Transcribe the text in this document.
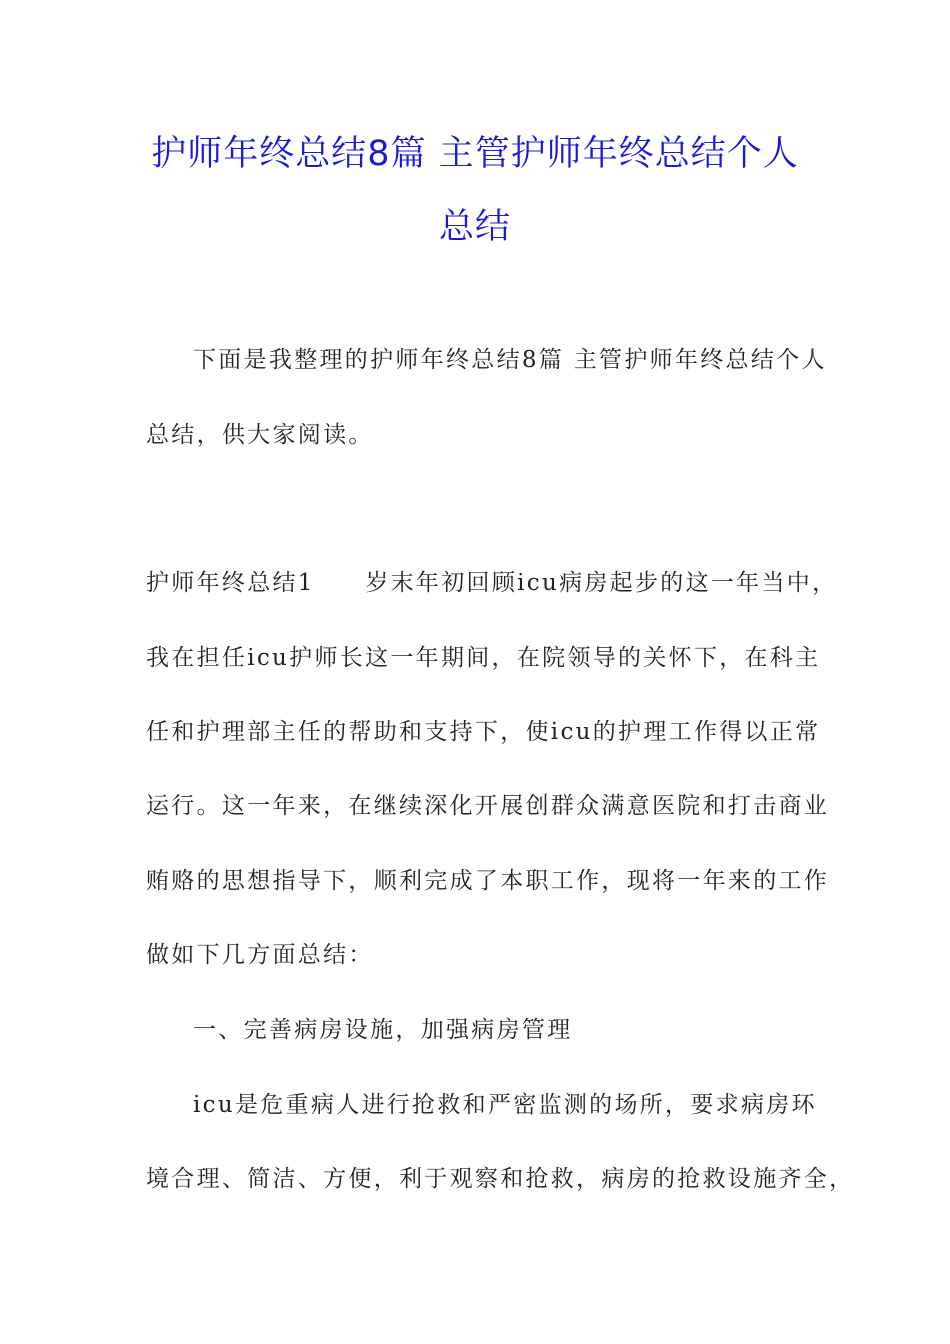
护师年终总结8篇 主管护师年终总结个人
总结

下面是我整理的护师年终总结8篇 主管护师年终总结个人

总结，供大家阅读。

护师年终总结1　　岁末年初回顾icu病房起步的这一年当中，

我在担任icu护师长这一年期间，在院领导的关怀下，在科主

任和护理部主任的帮助和支持下，使icu的护理工作得以正常

运行。这一年来，在继续深化开展创群众满意医院和打击商业

贿赂的思想指导下，顺利完成了本职工作，现将一年来的工作

做如下几方面总结：

一、完善病房设施，加强病房管理

icu是危重病人进行抢救和严密监测的场所，要求病房环

境合理、简洁、方便，利于观察和抢救，病房的抢救设施齐全，
